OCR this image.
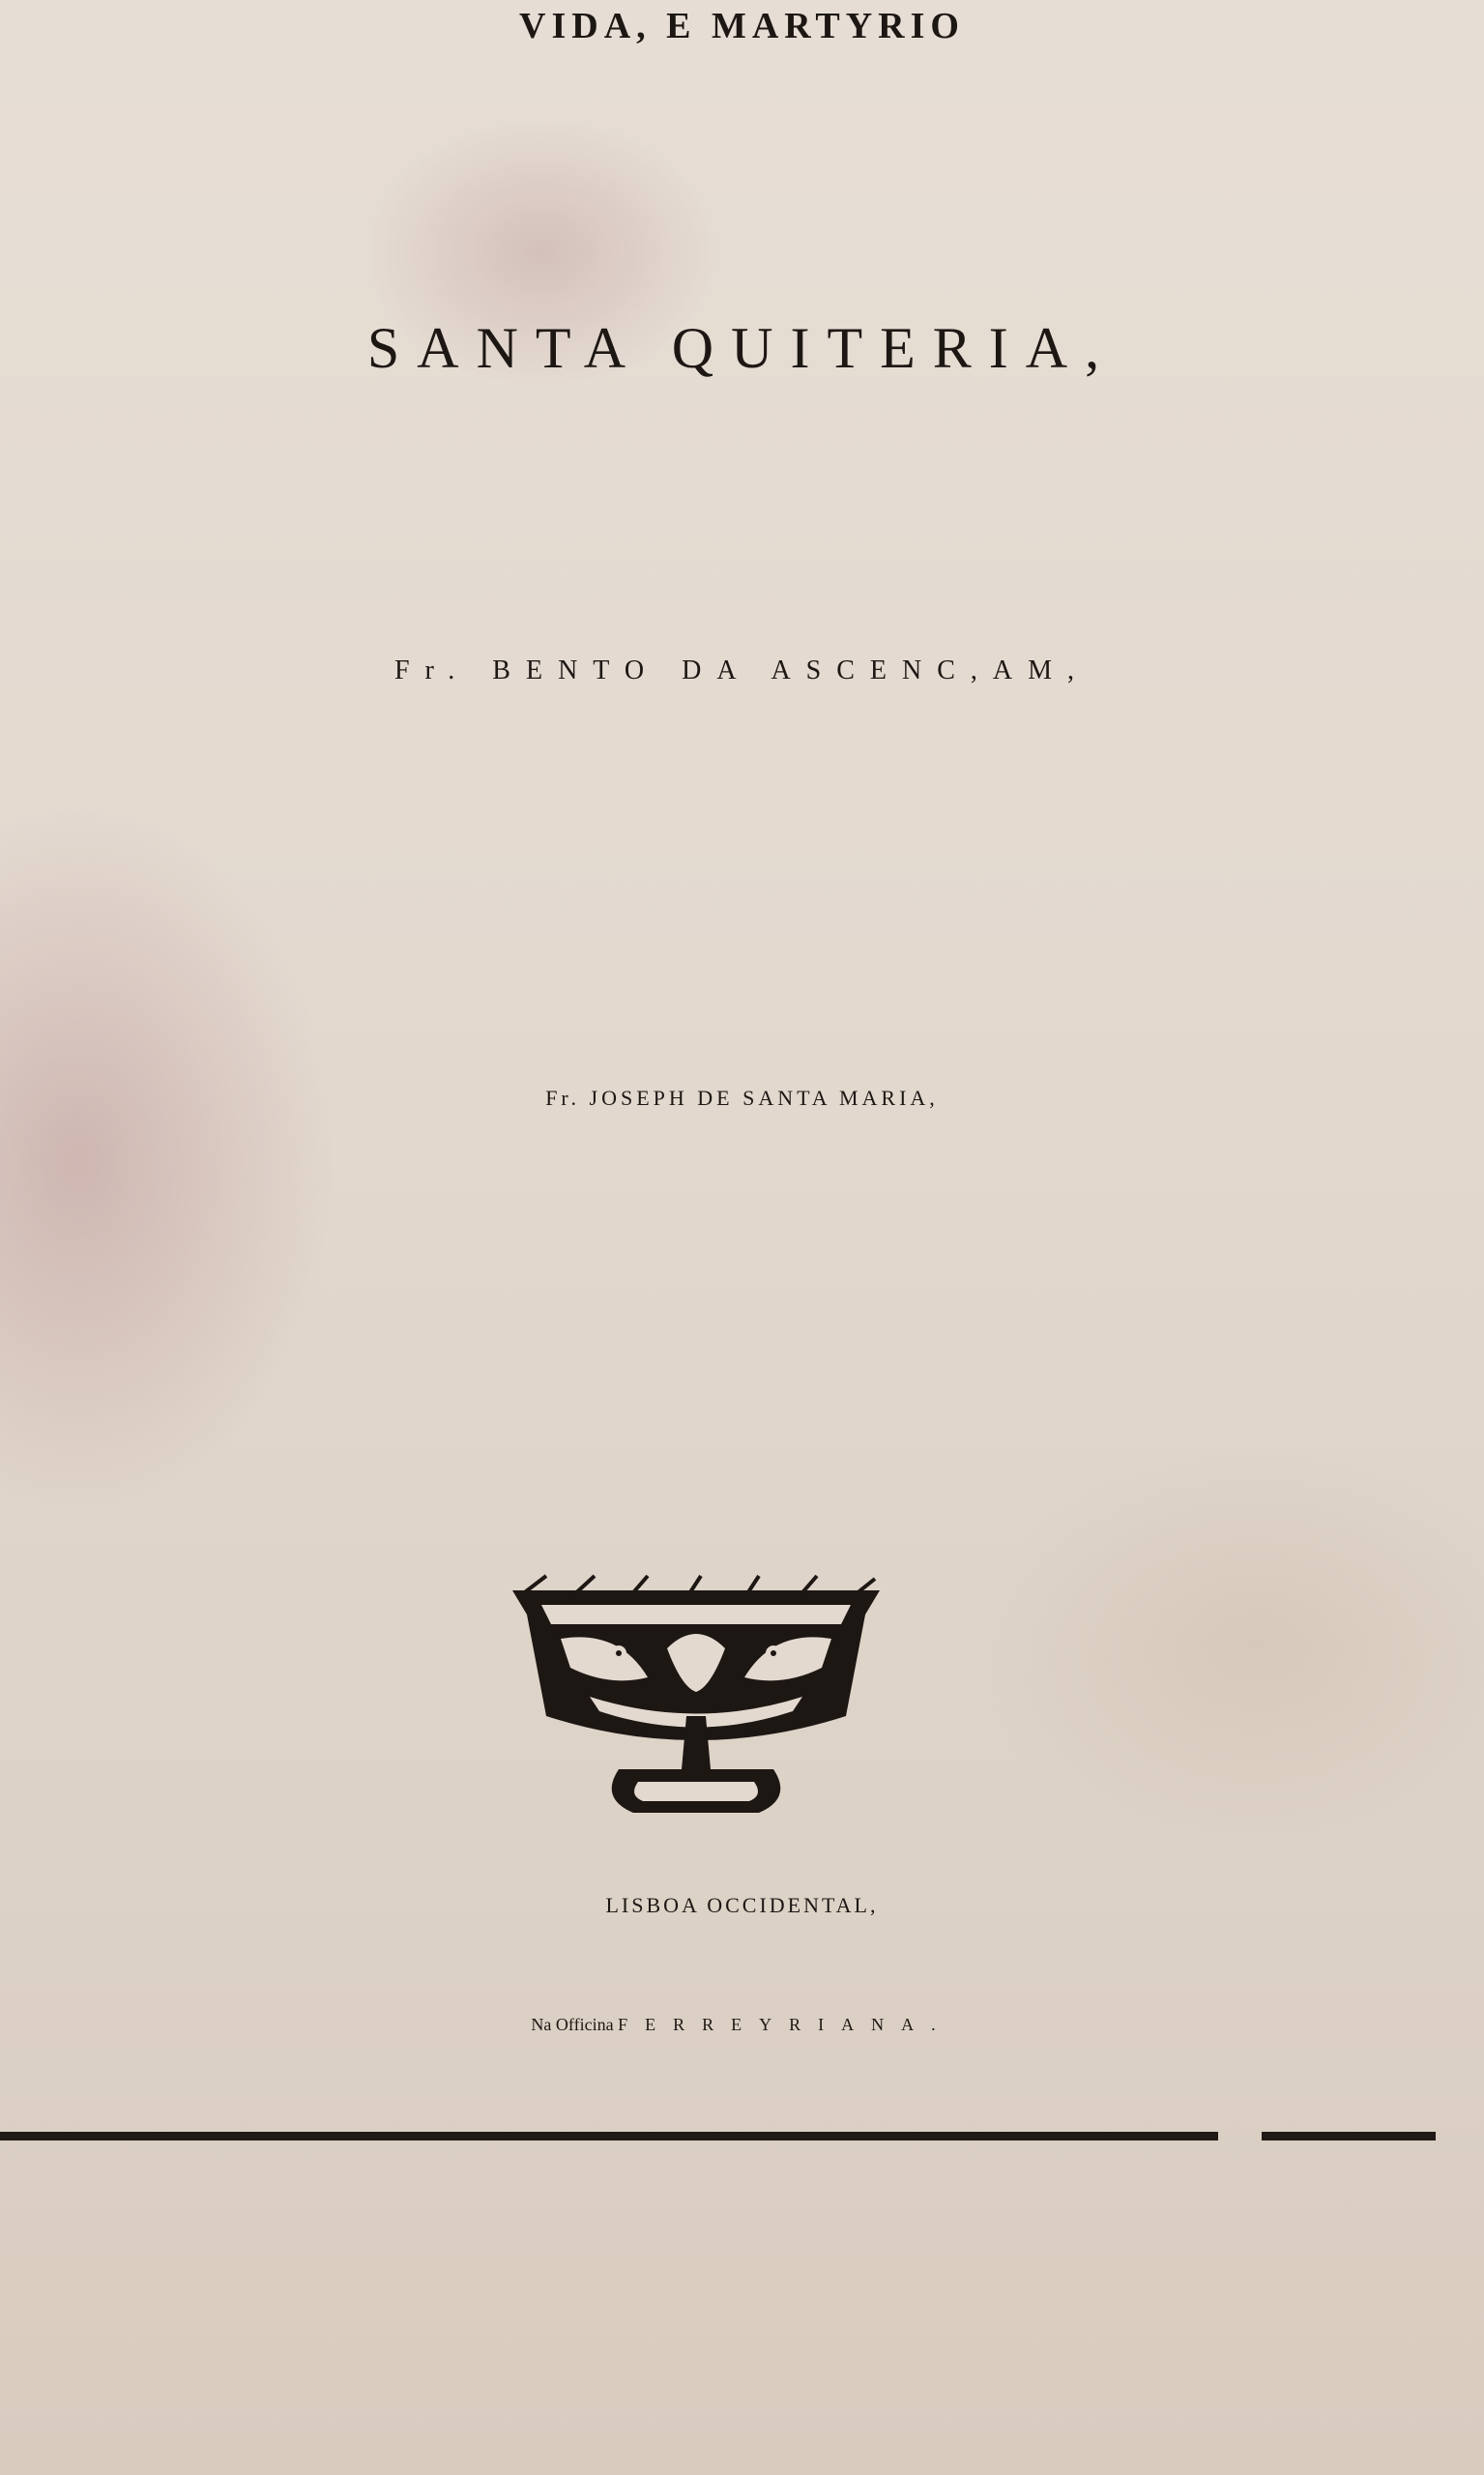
VIDA, E MARTYRIO
SANTA QUITERIA,
Fr. BENTO DA ASCENC,AM,
Fr. JOSEPH DE SANTA MARIA,
LISBOA OCCIDENTAL,
Na Officina FERREYRIANA.
